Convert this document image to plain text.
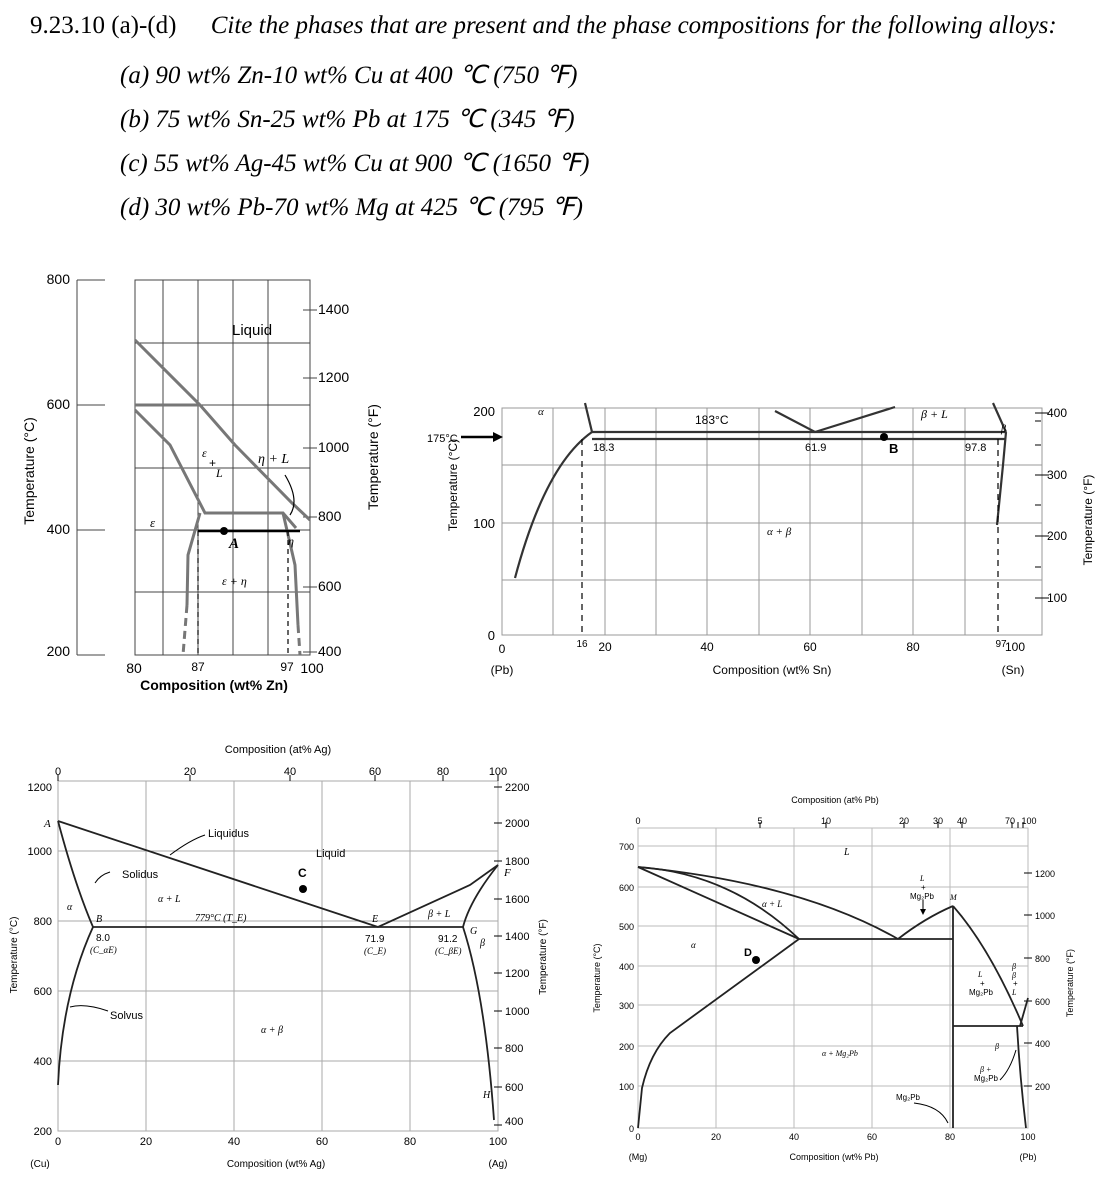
9.23.10 (a)-(d) Cite the phases that are present and the phase compositions for the following alloys:
(a) 90 wt% Zn-10 wt% Cu at 400 ℃ (750 ℉)
(b) 75 wt% Sn-25 wt% Pb at 175 ℃ (345 ℉)
(c) 55 wt% Ag-45 wt% Cu at 900 ℃ (1650 ℉)
(d) 30 wt% Pb-70 wt% Mg at 425 ℃ (795 ℉)
800
600
400
200
Temperature (°C)
1400
1200
1000
800
600
400
Temperature (°F)
80	87	97 100
Composition (wt% Zn)
Liquid
ε
+
L
η + L
ε
η
ε + η
A
175°C
200
100
0
Temperature (°C)
400
300
200
100
Temperature (°F)
0	16 20	40	60	80	97
100
(Pb)	(Sn)
Composition (wt% Sn)
α
183°C	β + L
β
18.3	61.9	97.8
α + β
B
Composition (at% Ag)
0	20	40	60	80	100
1200
1000
800
600
400
200
Temperature (°C)
2200
2000
1800
1600
1400
1200
1000
800
600
400
Temperature (°F)
0	20	40	60	80	100
(Cu)	(Ag)
Composition (wt% Ag)
A
Liquidus
Liquid
Solidus
α
α + L
β + L
F
B	E
G
β
779°C (T_E)
8.0
(C_αE)
71.9
(C_E)
91.2
(C_βE)
Solvus
α + β
H
C
Composition (at% Pb)
0	5	10	20	30 40	70 100
700
600
500
400
300
200
100
0
Temperature (°C)
1200
1000
800
600
400
200
Temperature (°F)
0	20	40	60	80	100
(Mg)	(Pb)
Composition (wt% Pb)
L
α + L
α
L
+
Mg₂Pb M
L
+
Mg₂Pb
β
β
+
L
α + Mg₂Pb
Mg₂Pb
β +
Mg₂Pb
β
D
